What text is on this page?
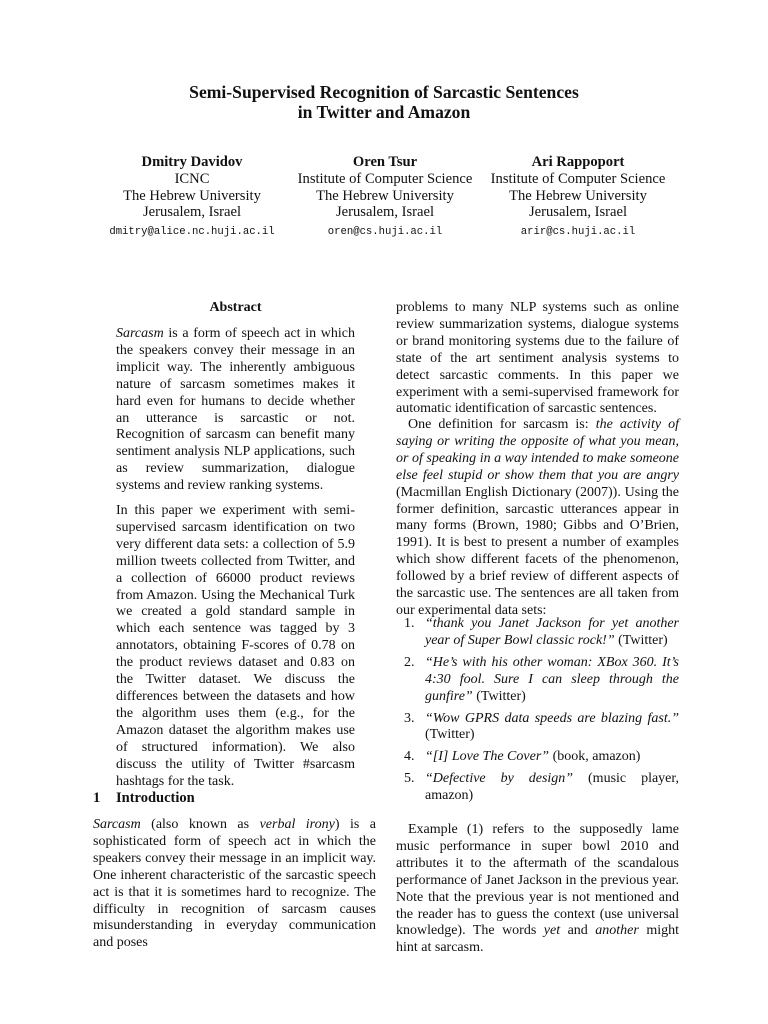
Semi-Supervised Recognition of Sarcastic Sentences
in Twitter and Amazon
Dmitry Davidov
ICNC
The Hebrew University
Jerusalem, Israel
dmitry@alice.nc.huji.ac.il
Oren Tsur
Institute of Computer Science
The Hebrew University
Jerusalem, Israel
oren@cs.huji.ac.il
Ari Rappoport
Institute of Computer Science
The Hebrew University
Jerusalem, Israel
arir@cs.huji.ac.il
Abstract

Sarcasm is a form of speech act in which the speakers convey their message in an implicit way. The inherently ambiguous nature of sarcasm sometimes makes it hard even for humans to decide whether an utterance is sarcastic or not. Recognition of sarcasm can benefit many sentiment analysis NLP applications, such as review summarization, dialogue systems and review ranking systems.

In this paper we experiment with semi-supervised sarcasm identification on two very different data sets: a collection of 5.9 million tweets collected from Twitter, and a collection of 66000 product reviews from Amazon. Using the Mechanical Turk we created a gold standard sample in which each sentence was tagged by 3 annotators, obtaining F-scores of 0.78 on the product reviews dataset and 0.83 on the Twitter dataset. We discuss the differences between the datasets and how the algorithm uses them (e.g., for the Amazon dataset the algorithm makes use of structured information). We also discuss the utility of Twitter #sarcasm hashtags for the task.

1 Introduction

Sarcasm (also known as verbal irony) is a sophisticated form of speech act in which the speakers convey their message in an implicit way. One inherent characteristic of the sarcastic speech act is that it is sometimes hard to recognize. The difficulty in recognition of sarcasm causes misunderstanding in everyday communication and poses

problems to many NLP systems such as online review summarization systems, dialogue systems or brand monitoring systems due to the failure of state of the art sentiment analysis systems to detect sarcastic comments. In this paper we experiment with a semi-supervised framework for automatic identification of sarcastic sentences.

One definition for sarcasm is: the activity of saying or writing the opposite of what you mean, or of speaking in a way intended to make someone else feel stupid or show them that you are angry (Macmillan English Dictionary (2007)). Using the former definition, sarcastic utterances appear in many forms (Brown, 1980; Gibbs and O’Brien, 1991). It is best to present a number of examples which show different facets of the phenomenon, followed by a brief review of different aspects of the sarcastic use. The sentences are all taken from our experimental data sets:

1. “thank you Janet Jackson for yet another year of Super Bowl classic rock!” (Twitter)
2. “He’s with his other woman: XBox 360. It’s 4:30 fool. Sure I can sleep through the gunfire” (Twitter)
3. “Wow GPRS data speeds are blazing fast.” (Twitter)
4. “[I] Love The Cover” (book, amazon)
5. “Defective by design” (music player, amazon)

Example (1) refers to the supposedly lame music performance in super bowl 2010 and attributes it to the aftermath of the scandalous performance of Janet Jackson in the previous year. Note that the previous year is not mentioned and the reader has to guess the context (use universal knowledge). The words yet and another might hint at sarcasm.
